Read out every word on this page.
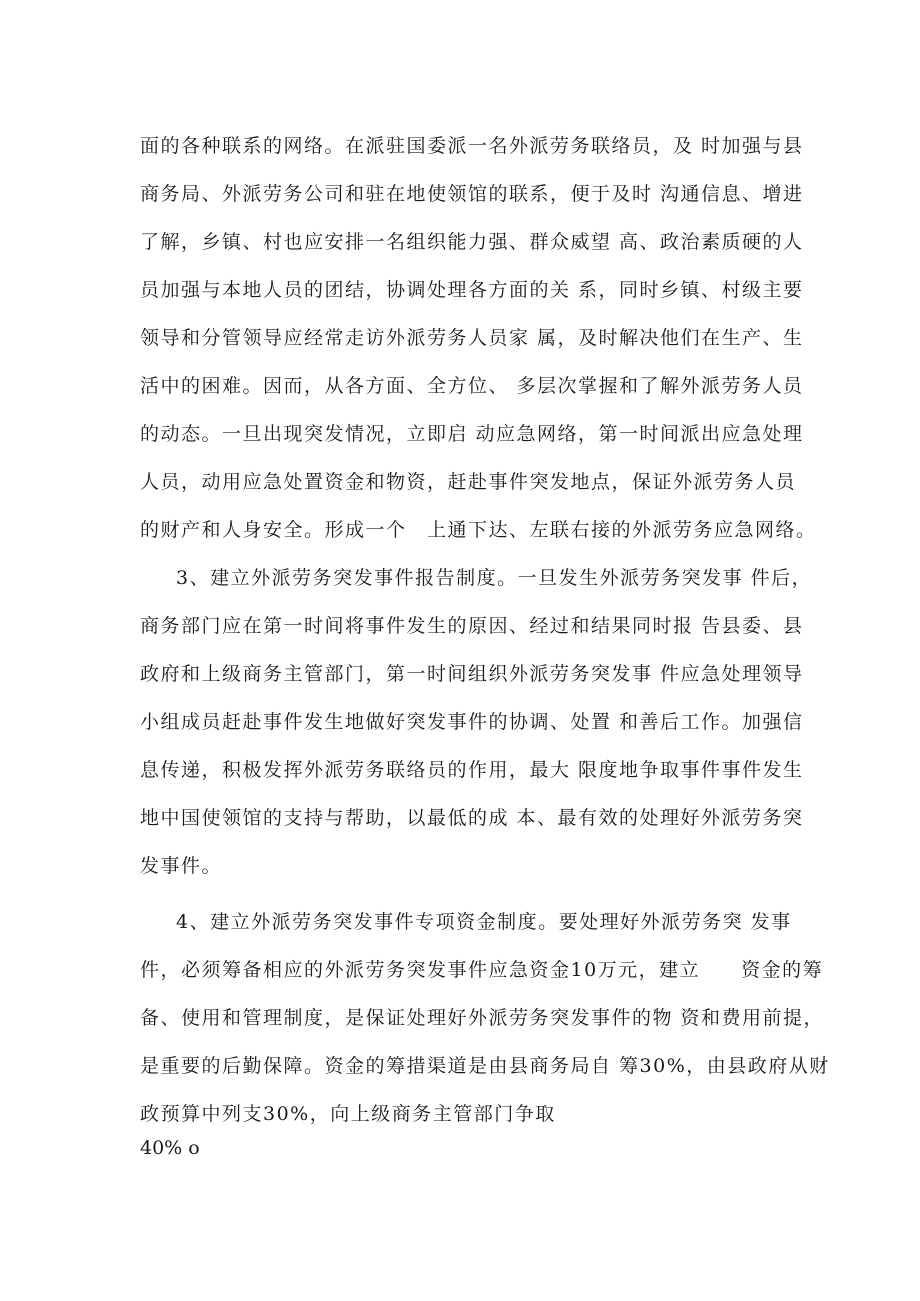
面的各种联系的网络。在派驻国委派一名外派劳务联络员，及 时加强与县
商务局、外派劳务公司和驻在地使领馆的联系，便于及时 沟通信息、增进
了解，乡镇、村也应安排一名组织能力强、群众威望 高、政治素质硬的人
员加强与本地人员的团结，协调处理各方面的关 系，同时乡镇、村级主要
领导和分管领导应经常走访外派劳务人员家 属，及时解决他们在生产、生
活中的困难。因而，从各方面、全方位、 多层次掌握和了解外派劳务人员
的动态。一旦出现突发情况，立即启 动应急网络，第一时间派出应急处理
人员，动用应急处置资金和物资，赶赴事件突发地点，保证外派劳务人员
的财产和人身安全。形成一个　上通下达、左联右接的外派劳务应急网络。
3、建立外派劳务突发事件报告制度。一旦发生外派劳务突发事 件后，
商务部门应在第一时间将事件发生的原因、经过和结果同时报 告县委、县
政府和上级商务主管部门，第一时间组织外派劳务突发事 件应急处理领导
小组成员赶赴事件发生地做好突发事件的协调、处置 和善后工作。加强信
息传递，积极发挥外派劳务联络员的作用，最大 限度地争取事件事件发生
地中国使领馆的支持与帮助，以最低的成 本、最有效的处理好外派劳务突
发事件。
4、建立外派劳务突发事件专项资金制度。要处理好外派劳务突 发事
件，必须筹备相应的外派劳务突发事件应急资金10万元，建立　　资金的筹
备、使用和管理制度，是保证处理好外派劳务突发事件的物 资和费用前提，
是重要的后勤保障。资金的筹措渠道是由县商务局自 筹30%，由县政府从财
政预算中列支30%，向上级商务主管部门争取
40% o
